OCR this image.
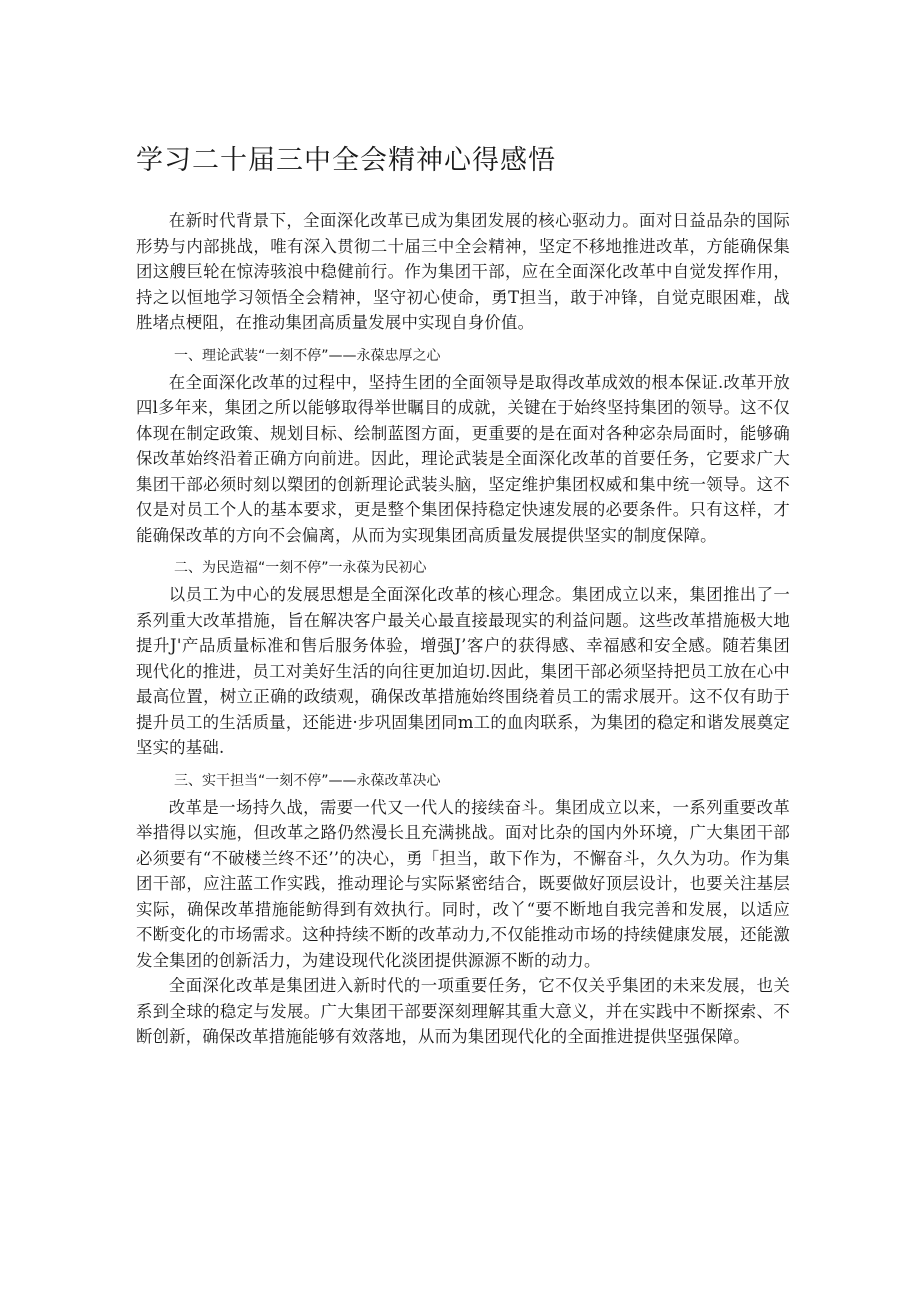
学习二十届三中全会精神心得感悟

在新时代背景下，全面深化改革已成为集团发展的核心驱动力。面对日益品杂的国际形势与内部挑战，唯有深入贯彻二十届三中全会精神，坚定不移地推进改革，方能确保集团这艘巨轮在惊涛骇浪中稳健前行。作为集团干部，应在全面深化改革中自觉发挥作用，持之以恒地学习领悟全会精神，坚守初心使命，勇T担当，敢于冲锋，自觉克眼困难，战胜堵点梗阻，在推动集团高质量发展中实现自身价值。

一、理论武装“一刻不停”——永葆忠厚之心

在全面深化改革的过程中，坚持生团的全面领导是取得改革成效的根本保证.改革开放四l多年来，集团之所以能够取得举世瞩目的成就，关键在于始终坚持集团的领导。这不仅体现在制定政策、规划目标、绘制蓝图方面，更重要的是在面对各种宓杂局面时，能够确保改革始终沿着正确方向前进。因此，理论武装是全面深化改革的首要任务，它要求广大集团干部必须时刻以槊团的创新理论武装头脑，坚定维护集团权威和集中统一领导。这不仅是对员工个人的基本要求，更是整个集团保持稳定快速发展的必要条件。只有这样，才能确保改革的方向不会偏离，从而为实现集团高质量发展提供坚实的制度保障。

二、为民造福“一刻不停”一永葆为民初心

以员工为中心的发展思想是全面深化改革的核心理念。集团成立以来，集团推出了一系列重大改革措施，旨在解决客户最关心最直接最现实的利益问题。这些改革措施极大地提升J'产品质量标准和售后服务体验，增强J’客户的获得感、幸福感和安全感。随若集团现代化的推进，员工对美好生活的向往更加迫切.因此，集团干部必须坚持把员工放在心中最高位置，树立正确的政绩观，确保改革措施始终围绕着员工的需求展开。这不仅有助于提升员工的生活质量，还能进·步巩固集团同m工的血肉联系，为集团的稳定和谐发展奠定坚实的基础.

三、实干担当“一刻不停”——永葆改革决心

改革是一场持久战，需要一代又一代人的接续奋斗。集团成立以来，一系列重要改革举措得以实施，但改革之路仍然漫长且充满挑战。面对比杂的国内外环境，广大集团干部必须要有“不破楼兰终不还’’的决心，勇「担当，敢下作为，不懈奋斗，久久为功。作为集团干部，应注蓝工作实践，推动理论与实际紧密结合，既要做好顶层设计，也要关注基层实际，确保改革措施能鲂得到有效执行。同时，改丫“要不断地自我完善和发展，以适应不断变化的市场需求。这种持续不断的改革动力,不仅能推动市场的持续健康发展，还能激发全集团的创新活力，为建设现代化淡团提供源源不断的动力。

全面深化改革是集团进入新时代的一项重要任务，它不仅关乎集团的未来发展，也关系到全球的稳定与发展。广大集团干部要深刻理解其重大意义，并在实践中不断探索、不断创新，确保改革措施能够有效落地，从而为集团现代化的全面推进提供坚强保障。
